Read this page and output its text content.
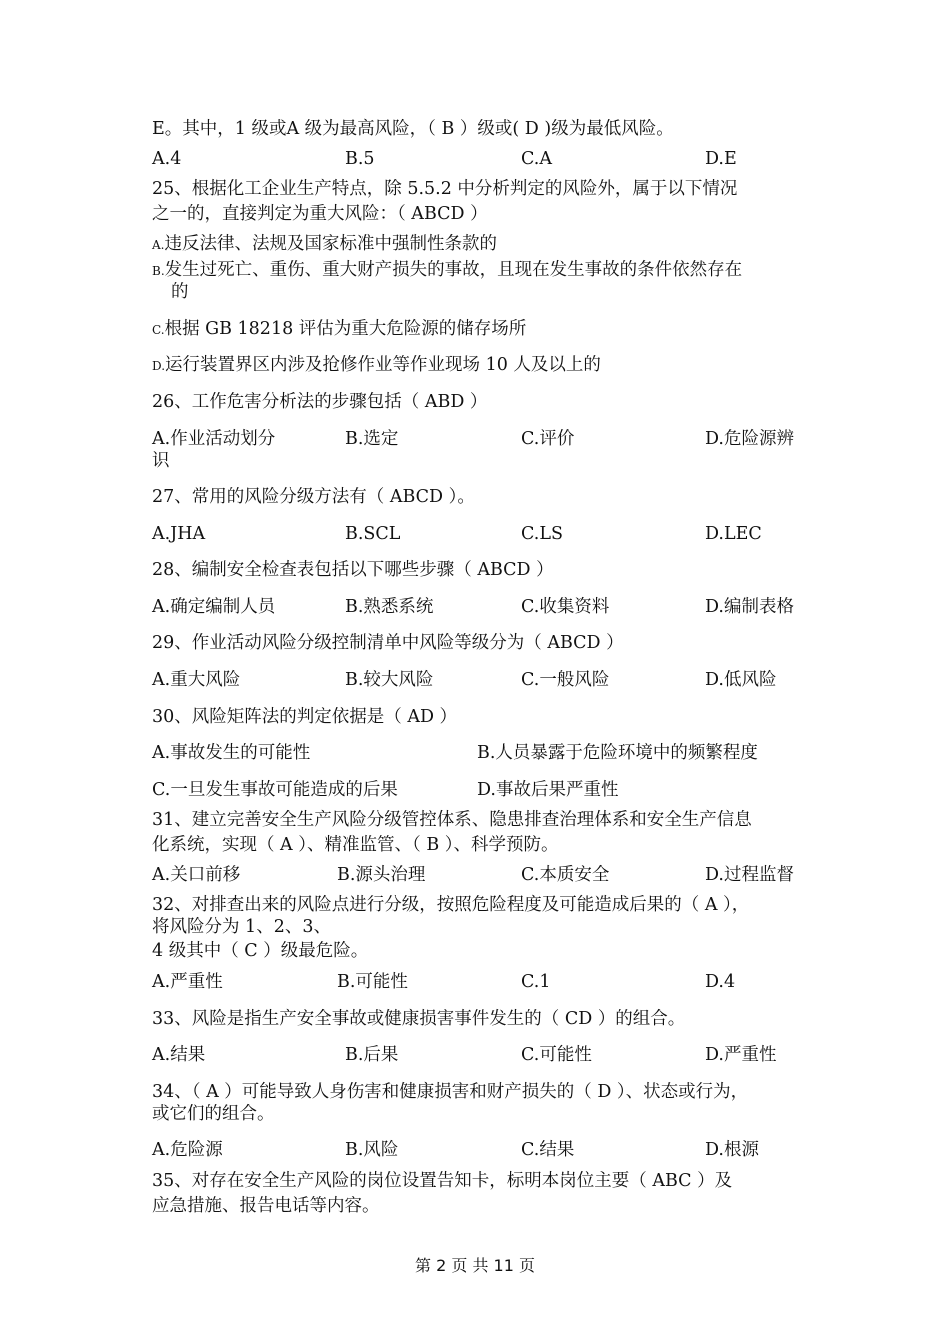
E。其中，1 级或A 级为最高风险，（ B ）级或( D )级为最低风险。
A.4	B.5	C.A	D.E
25、根据化工企业生产特点，除 5.5.2 中分析判定的风险外，属于以下情况
之一的，直接判定为重大风险：（ ABCD ）
A.违反法律、法规及国家标准中强制性条款的
B.发生过死亡、重伤、重大财产损失的事故，且现在发生事故的条件依然存在
的
C.根据 GB 18218 评估为重大危险源的储存场所
D.运行装置界区内涉及抢修作业等作业现场 10 人及以上的
26、工作危害分析法的步骤包括（ ABD ）
A.作业活动划分	B.选定	C.评价	D.危险源辨
识
27、常用的风险分级方法有（ ABCD ）。
A.JHA	B.SCL	C.LS	D.LEC
28、编制安全检查表包括以下哪些步骤（ ABCD ）
A.确定编制人员	B.熟悉系统	C.收集资料	D.编制表格
29、作业活动风险分级控制清单中风险等级分为（ ABCD ）
A.重大风险	B.较大风险	C.一般风险	D.低风险
30、风险矩阵法的判定依据是（ AD ）
A.事故发生的可能性	B.人员暴露于危险环境中的频繁程度
C.一旦发生事故可能造成的后果	D.事故后果严重性
31、建立完善安全生产风险分级管控体系、隐患排查治理体系和安全生产信息
化系统，实现（ A ）、精准监管、（ B ）、科学预防。
A.关口前移	B.源头治理	C.本质安全	D.过程监督
32、对排查出来的风险点进行分级，按照危险程度及可能造成后果的（ A ），
将风险分为 1、2、3、
4 级其中（ C ）级最危险。
A.严重性	B.可能性	C.1	D.4
33、风险是指生产安全事故或健康损害事件发生的（ CD ）的组合。
A.结果	B.后果	C.可能性	D.严重性
34、（ A ）可能导致人身伤害和健康损害和财产损失的（ D ）、状态或行为，
或它们的组合。
A.危险源	B.风险	C.结果	D.根源
35、对存在安全生产风险的岗位设置告知卡，标明本岗位主要（ ABC ）及
应急措施、报告电话等内容。
第 2 页 共 11 页
